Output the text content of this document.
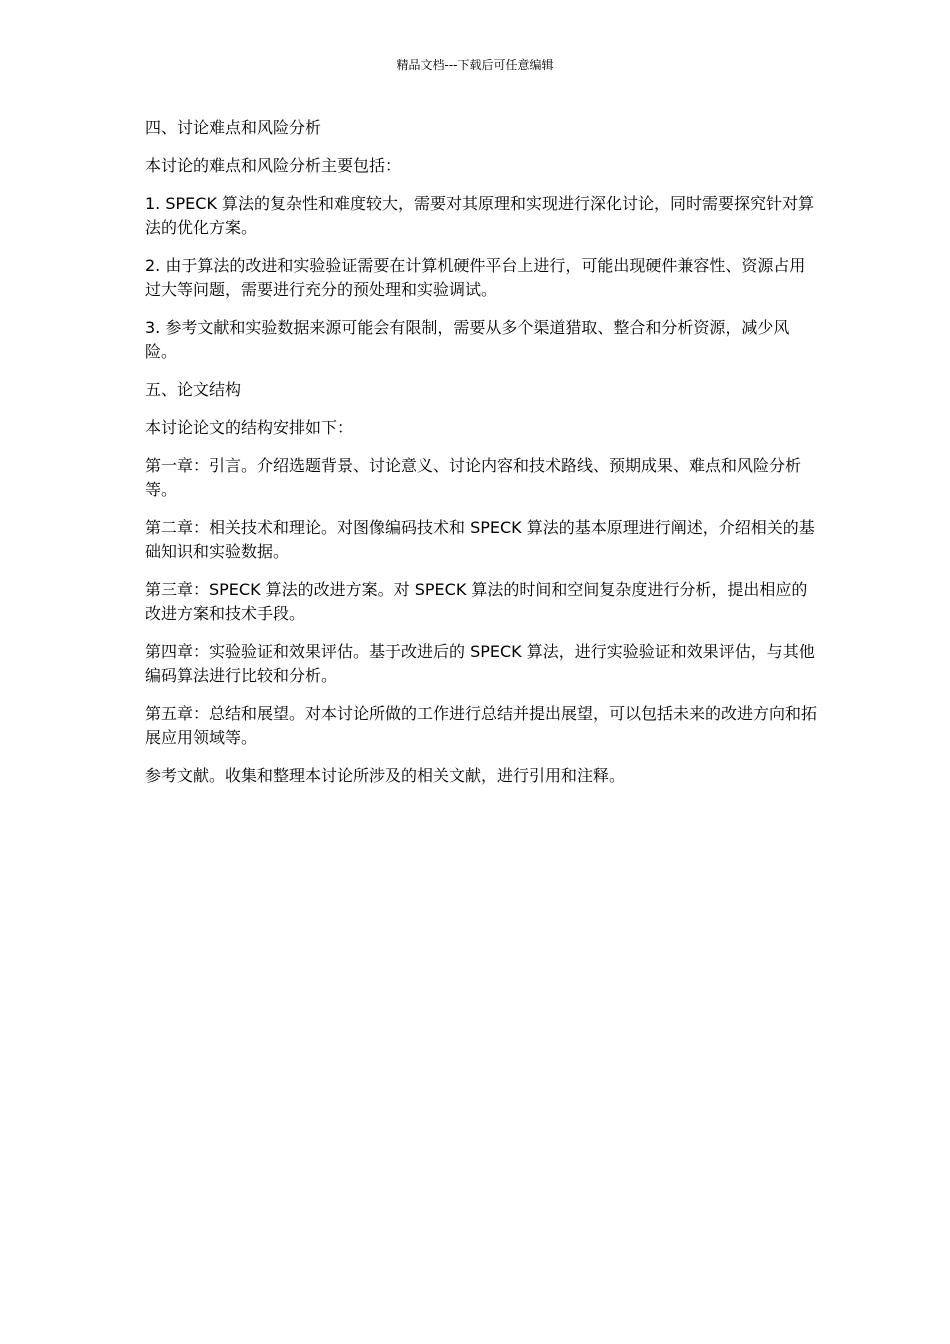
精品文档---下载后可任意编辑

四、讨论难点和风险分析

本讨论的难点和风险分析主要包括：

1. SPECK 算法的复杂性和难度较大，需要对其原理和实现进行深化讨论，同时需要探究针对算法的优化方案。

2. 由于算法的改进和实验验证需要在计算机硬件平台上进行，可能出现硬件兼容性、资源占用过大等问题，需要进行充分的预处理和实验调试。

3. 参考文献和实验数据来源可能会有限制，需要从多个渠道猎取、整合和分析资源，减少风险。

五、论文结构

本讨论论文的结构安排如下：

第一章：引言。介绍选题背景、讨论意义、讨论内容和技术路线、预期成果、难点和风险分析等。

第二章：相关技术和理论。对图像编码技术和 SPECK 算法的基本原理进行阐述，介绍相关的基础知识和实验数据。

第三章：SPECK 算法的改进方案。对 SPECK 算法的时间和空间复杂度进行分析，提出相应的改进方案和技术手段。

第四章：实验验证和效果评估。基于改进后的 SPECK 算法，进行实验验证和效果评估，与其他编码算法进行比较和分析。

第五章：总结和展望。对本讨论所做的工作进行总结并提出展望，可以包括未来的改进方向和拓展应用领域等。

参考文献。收集和整理本讨论所涉及的相关文献，进行引用和注释。
